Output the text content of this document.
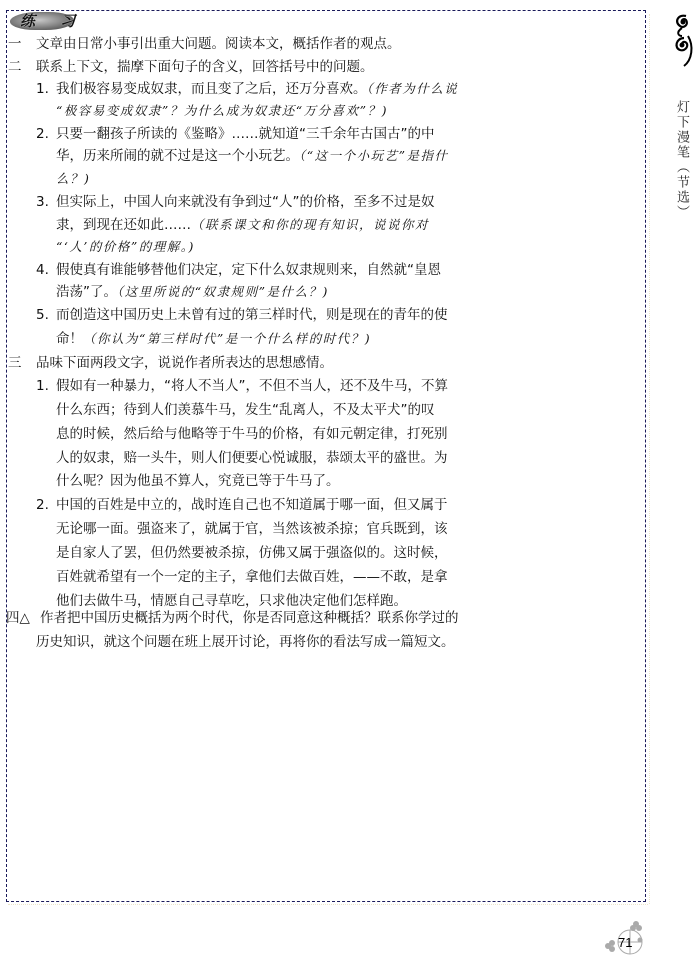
练 习
一 文章由日常小事引出重大问题。阅读本文，概括作者的观点。
二 联系上下文，揣摩下面句子的含义，回答括号中的问题。
1. 我们极容易变成奴隶，而且变了之后，还万分喜欢。（作者为什么说
“极容易变成奴隶”？为什么成为奴隶还“万分喜欢”？)
2. 只要一翻孩子所读的《鉴略》……就知道“三千余年古国古”的中
华，历来所闹的就不过是这一个小玩艺。（“这一个小玩艺”是指什
么？)
3. 但实际上，中国人向来就没有争到过“人”的价格，至多不过是奴
隶，到现在还如此……（联系课文和你的现有知识，说说你对
“‘人’的价格”的理解。)
4. 假使真有谁能够替他们决定，定下什么奴隶规则来，自然就“皇恩
浩荡”了。（这里所说的“奴隶规则”是什么？)
5. 而创造这中国历史上未曾有过的第三样时代，则是现在的青年的使
命！（你认为“第三样时代”是一个什么样的时代？)
三 品味下面两段文字，说说作者所表达的思想感情。
1. 假如有一种暴力，“将人不当人”，不但不当人，还不及牛马，不算
什么东西；待到人们羡慕牛马，发生“乱离人，不及太平犬”的叹
息的时候，然后给与他略等于牛马的价格，有如元朝定律，打死别
人的奴隶，赔一头牛，则人们便要心悦诚服，恭颂太平的盛世。为
什么呢？因为他虽不算人，究竟已等于牛马了。
2. 中国的百姓是中立的，战时连自己也不知道属于哪一面，但又属于
无论哪一面。强盗来了，就属于官，当然该被杀掠；官兵既到，该
是自家人了罢，但仍然要被杀掠，仿佛又属于强盗似的。这时候，
百姓就希望有一个一定的主子，拿他们去做百姓，——不敢，是拿
他们去做牛马，情愿自己寻草吃，只求他决定他们怎样跑。
四△ 作者把中国历史概括为两个时代，你是否同意这种概括？联系你学过的
历史知识，就这个问题在班上展开讨论，再将你的看法写成一篇短文。
灯下漫笔（节选）
71
